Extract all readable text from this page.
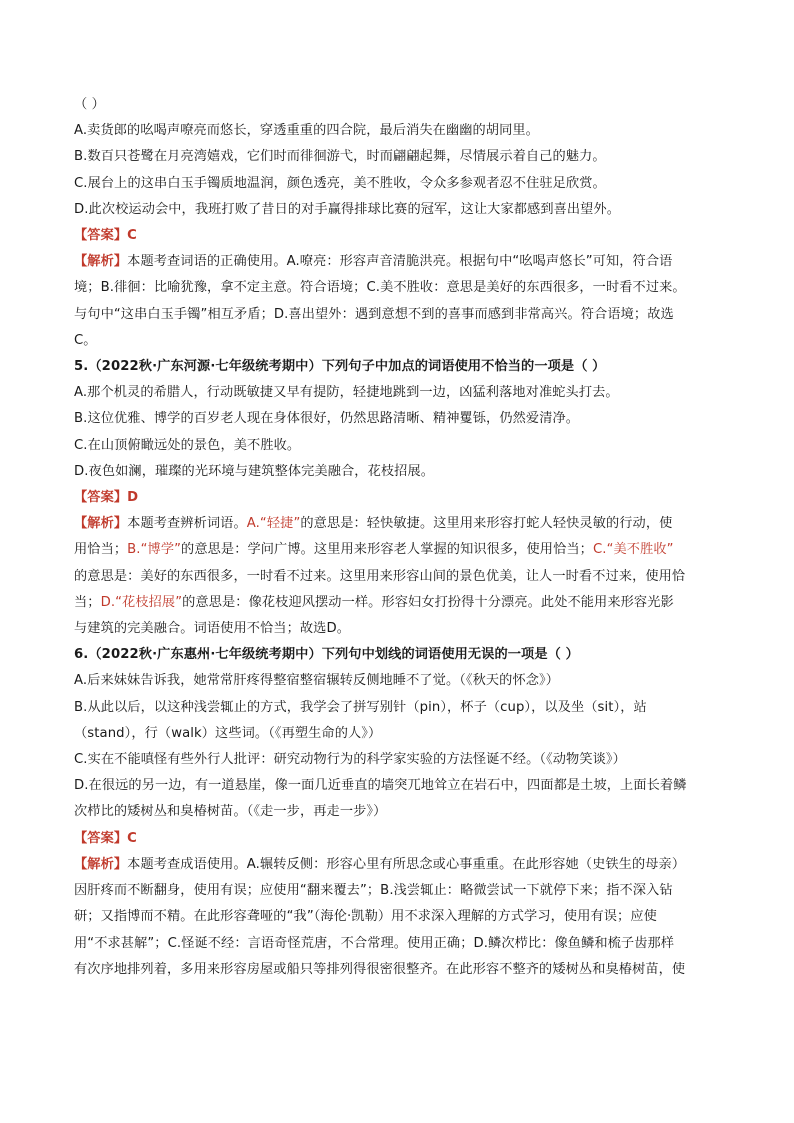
（ ）
A.卖货郎的吆喝声嘹亮而悠长，穿透重重的四合院，最后消失在幽幽的胡同里。
B.数百只苍鹭在月亮湾嬉戏，它们时而徘徊游弋，时而翩翩起舞，尽情展示着自己的魅力。
C.展台上的这串白玉手镯质地温润，颜色透亮，美不胜收，令众多参观者忍不住驻足欣赏。
D.此次校运动会中，我班打败了昔日的对手赢得排球比赛的冠军，这让大家都感到喜出望外。
【答案】C
【解析】本题考查词语的正确使用。A.嘹亮：形容声音清脆洪亮。根据句中“吆喝声悠长”可知，符合语
境；B.徘徊：比喻犹豫，拿不定主意。符合语境；C.美不胜收：意思是美好的东西很多，一时看不过来。
与句中“这串白玉手镯”相互矛盾；D.喜出望外：遇到意想不到的喜事而感到非常高兴。符合语境；故选
C。
5.（2022秋·广东河源·七年级统考期中）下列句子中加点的词语使用不恰当的一项是（ ）
A.那个机灵的希腊人，行动既敏捷又早有提防，轻捷地跳到一边，凶猛利落地对准蛇头打去。
B.这位优雅、博学的百岁老人现在身体很好，仍然思路清晰、精神矍铄，仍然爱清净。
C.在山顶俯瞰远处的景色，美不胜收。
D.夜色如澜，璀璨的光环境与建筑整体完美融合，花枝招展。
【答案】D
【解析】本题考查辨析词语。A.“轻捷”的意思是：轻快敏捷。这里用来形容打蛇人轻快灵敏的行动，使
用恰当；B.“博学”的意思是：学问广博。这里用来形容老人掌握的知识很多，使用恰当；C.“美不胜收”
的意思是：美好的东西很多，一时看不过来。这里用来形容山间的景色优美，让人一时看不过来，使用恰
当；D.“花枝招展”的意思是：像花枝迎风摆动一样。形容妇女打扮得十分漂亮。此处不能用来形容光影
与建筑的完美融合。词语使用不恰当；故选D。
6.（2022秋·广东惠州·七年级统考期中）下列句中划线的词语使用无误的一项是（ ）
A.后来妹妹告诉我，她常常肝疼得整宿整宿辗转反侧地睡不了觉。（《秋天的怀念》）
B.从此以后，以这种浅尝辄止的方式，我学会了拼写别针（pin），杯子（cup），以及坐（sit），站
（stand），行（walk）这些词。（《再塑生命的人》）
C.实在不能嗔怪有些外行人批评：研究动物行为的科学家实验的方法怪诞不经。（《动物笑谈》）
D.在很远的另一边，有一道悬崖，像一面几近垂直的墙突兀地耸立在岩石中，四面都是土坡，上面长着鳞
次栉比的矮树丛和臭椿树苗。（《走一步，再走一步》）
【答案】C
【解析】本题考查成语使用。A.辗转反侧：形容心里有所思念或心事重重。在此形容她（史铁生的母亲）
因肝疼而不断翻身，使用有误；应使用“翻来覆去”；B.浅尝辄止：略微尝试一下就停下来；指不深入钻
研；又指博而不精。在此形容聋哑的“我”（海伦·凯勒）用不求深入理解的方式学习，使用有误；应使
用“不求甚解”；C.怪诞不经：言语奇怪荒唐，不合常理。使用正确；D.鳞次栉比：像鱼鳞和梳子齿那样
有次序地排列着，多用来形容房屋或船只等排列得很密很整齐。在此形容不整齐的矮树丛和臭椿树苗，使
